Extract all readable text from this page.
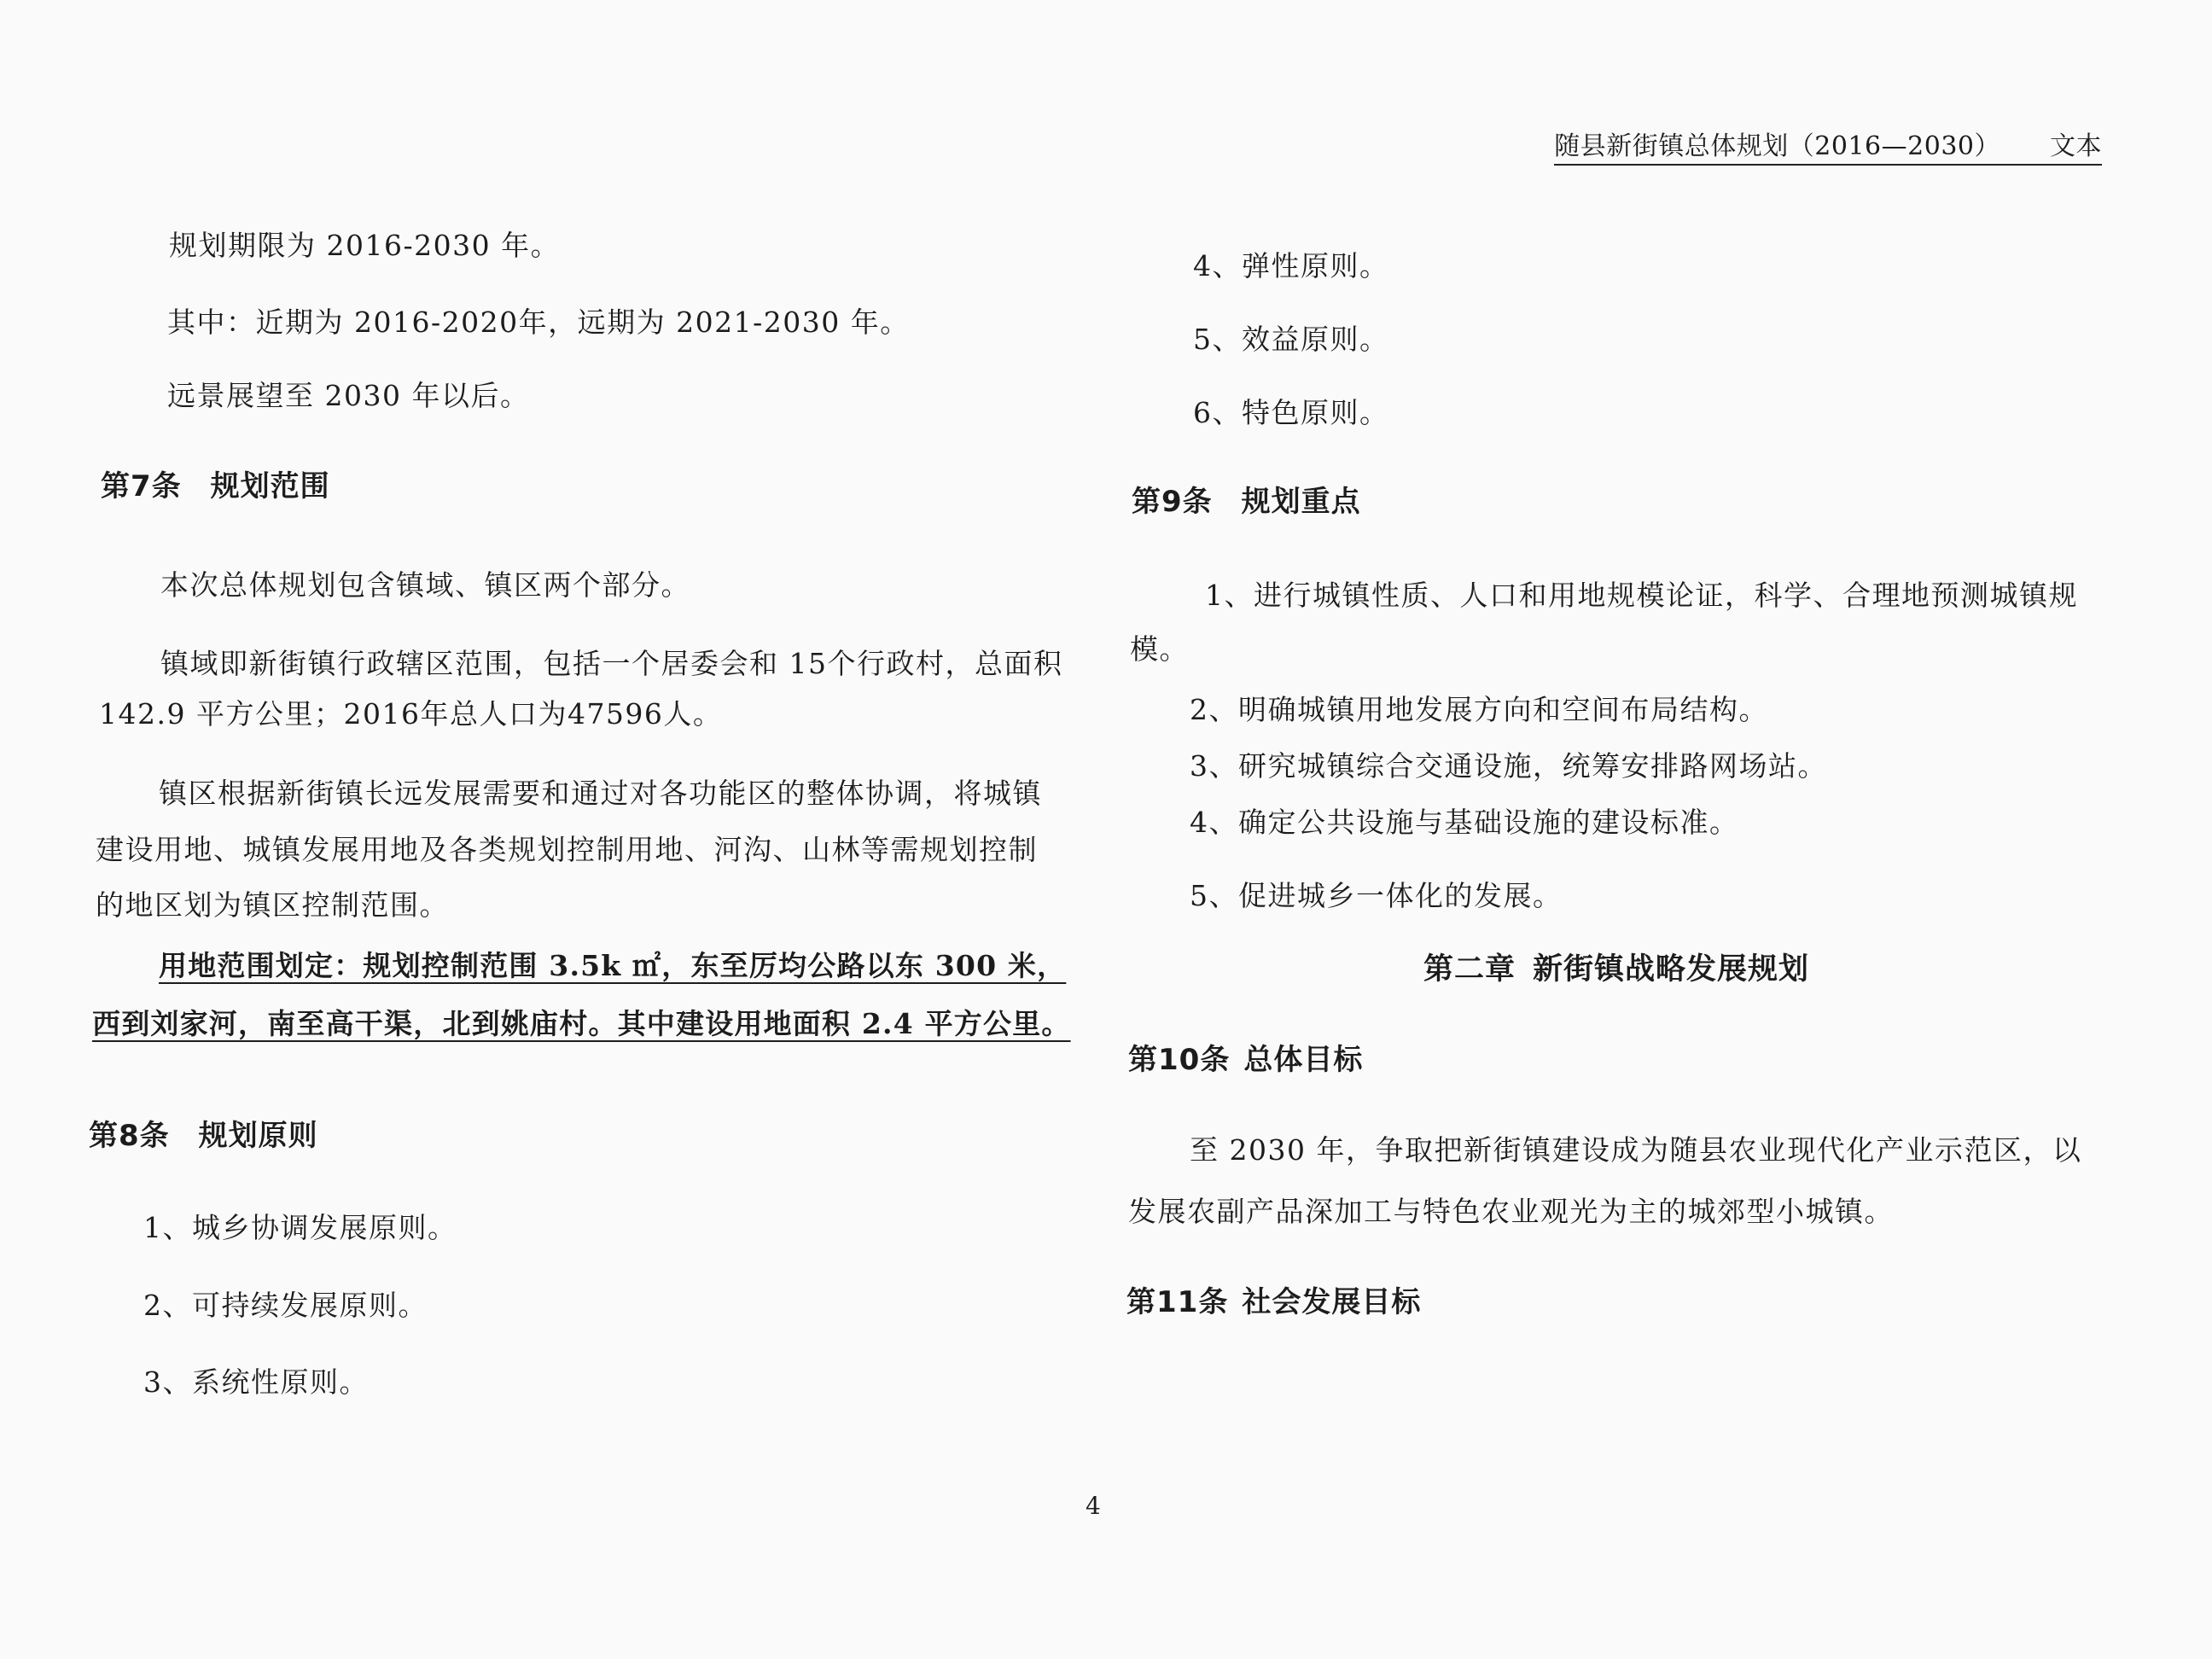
随县新街镇总体规划（2016—2030） 文本
规划期限为 2016-2030 年。
其中：近期为 2016-2020年，远期为 2021-2030 年。
远景展望至 2030 年以后。
第7条 规划范围
本次总体规划包含镇域、镇区两个部分。
镇域即新街镇行政辖区范围，包括一个居委会和 15个行政村，总面积
142.9 平方公里；2016年总人口为47596人。
镇区根据新街镇长远发展需要和通过对各功能区的整体协调，将城镇
建设用地、城镇发展用地及各类规划控制用地、河沟、山林等需规划控制
的地区划为镇区控制范围。
用地范围划定：规划控制范围 3.5k ㎡，东至厉均公路以东 300 米，
西到刘家河，南至高干渠，北到姚庙村。其中建设用地面积 2.4 平方公里。
第8条 规划原则
1、城乡协调发展原则。
2、可持续发展原则。
3、系统性原则。
4、弹性原则。
5、效益原则。
6、特色原则。
第9条 规划重点
1、进行城镇性质、人口和用地规模论证，科学、合理地预测城镇规
模。
2、明确城镇用地发展方向和空间布局结构。
3、研究城镇综合交通设施，统筹安排路网场站。
4、确定公共设施与基础设施的建设标准。
5、促进城乡一体化的发展。
第二章 新街镇战略发展规划
第10条 总体目标
至 2030 年，争取把新街镇建设成为随县农业现代化产业示范区，以
发展农副产品深加工与特色农业观光为主的城郊型小城镇。
第11条 社会发展目标
4
